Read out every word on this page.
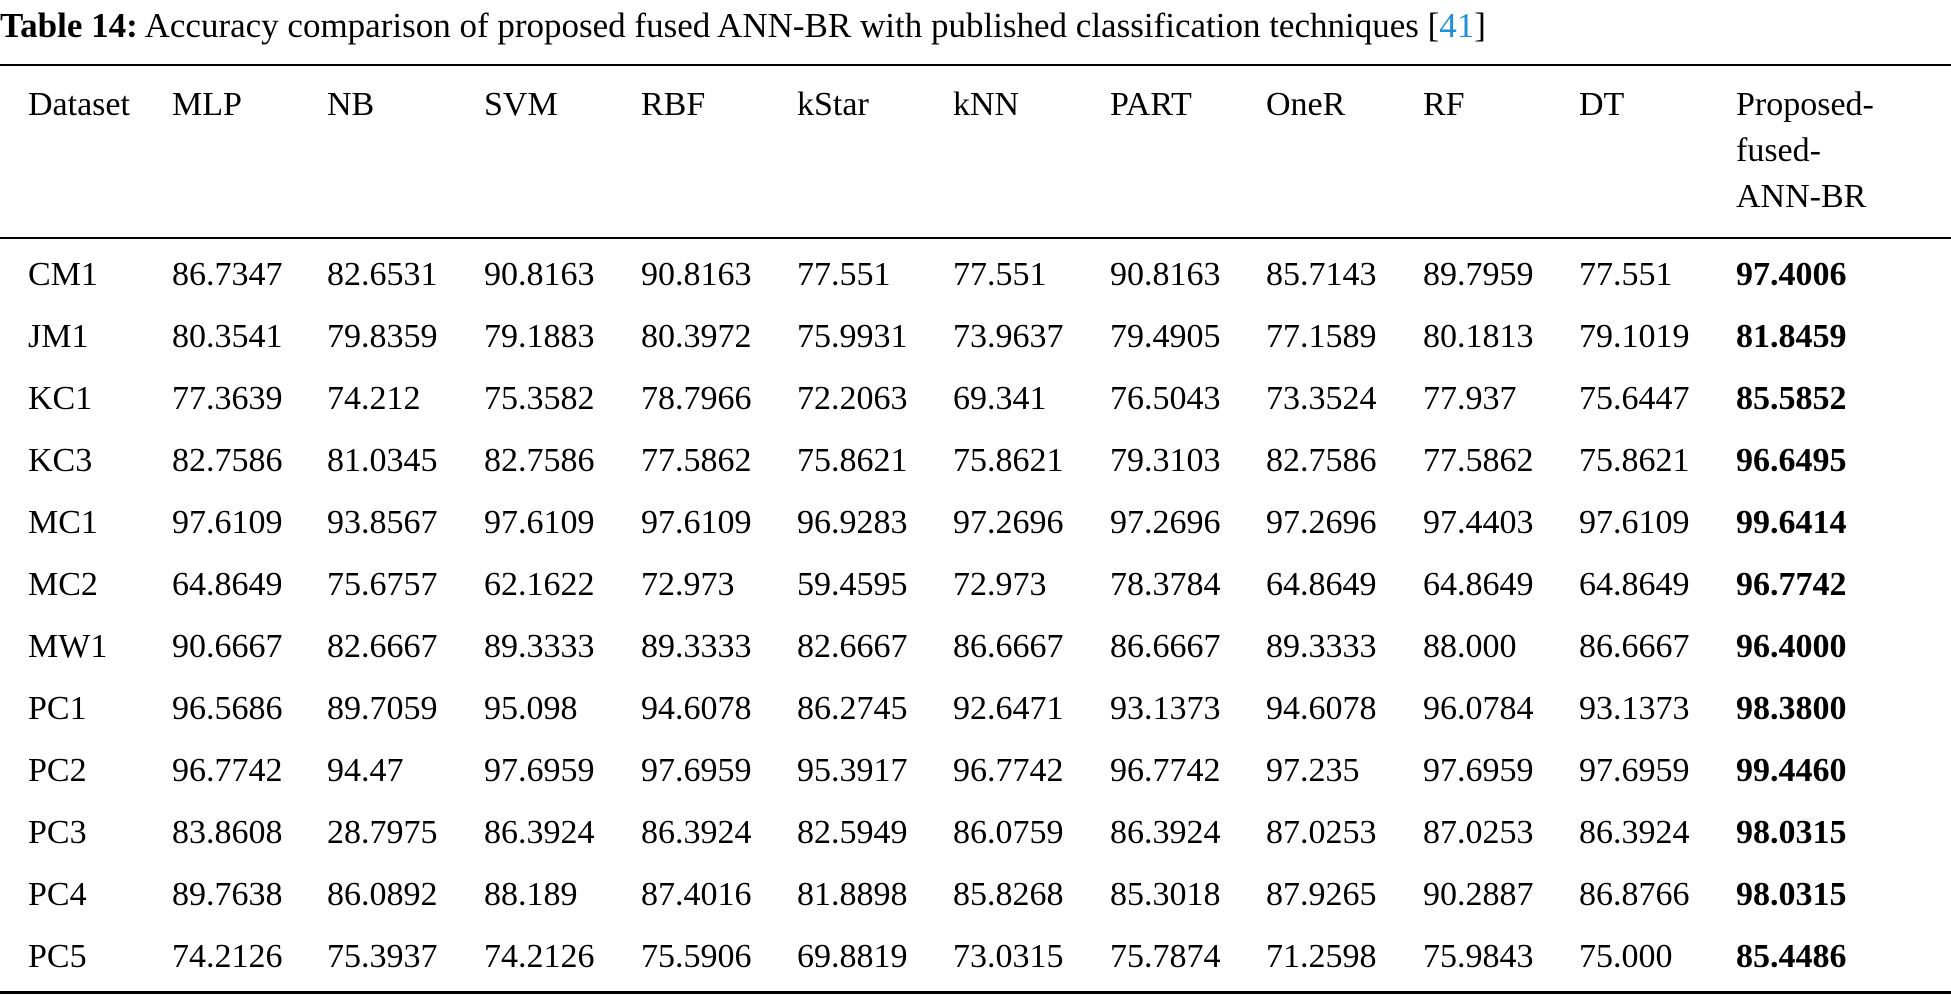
Table 14: Accuracy comparison of proposed fused ANN-BR with published classification techniques [41]
	Dataset	MLP	NB	SVM	RBF	kStar	kNN	PART	OneR	RF	DT	Proposed-
fused-
ANN-BR
	CM1	86.7347	82.6531	90.8163	90.8163	77.551	77.551	90.8163	85.7143	89.7959	77.551	97.4006
	JM1	80.3541	79.8359	79.1883	80.3972	75.9931	73.9637	79.4905	77.1589	80.1813	79.1019	81.8459
	KC1	77.3639	74.212	75.3582	78.7966	72.2063	69.341	76.5043	73.3524	77.937	75.6447	85.5852
	KC3	82.7586	81.0345	82.7586	77.5862	75.8621	75.8621	79.3103	82.7586	77.5862	75.8621	96.6495
	MC1	97.6109	93.8567	97.6109	97.6109	96.9283	97.2696	97.2696	97.2696	97.4403	97.6109	99.6414
	MC2	64.8649	75.6757	62.1622	72.973	59.4595	72.973	78.3784	64.8649	64.8649	64.8649	96.7742
	MW1	90.6667	82.6667	89.3333	89.3333	82.6667	86.6667	86.6667	89.3333	88.000	86.6667	96.4000
	PC1	96.5686	89.7059	95.098	94.6078	86.2745	92.6471	93.1373	94.6078	96.0784	93.1373	98.3800
	PC2	96.7742	94.47	97.6959	97.6959	95.3917	96.7742	96.7742	97.235	97.6959	97.6959	99.4460
	PC3	83.8608	28.7975	86.3924	86.3924	82.5949	86.0759	86.3924	87.0253	87.0253	86.3924	98.0315
	PC4	89.7638	86.0892	88.189	87.4016	81.8898	85.8268	85.3018	87.9265	90.2887	86.8766	98.0315
	PC5	74.2126	75.3937	74.2126	75.5906	69.8819	73.0315	75.7874	71.2598	75.9843	75.000	85.4486
